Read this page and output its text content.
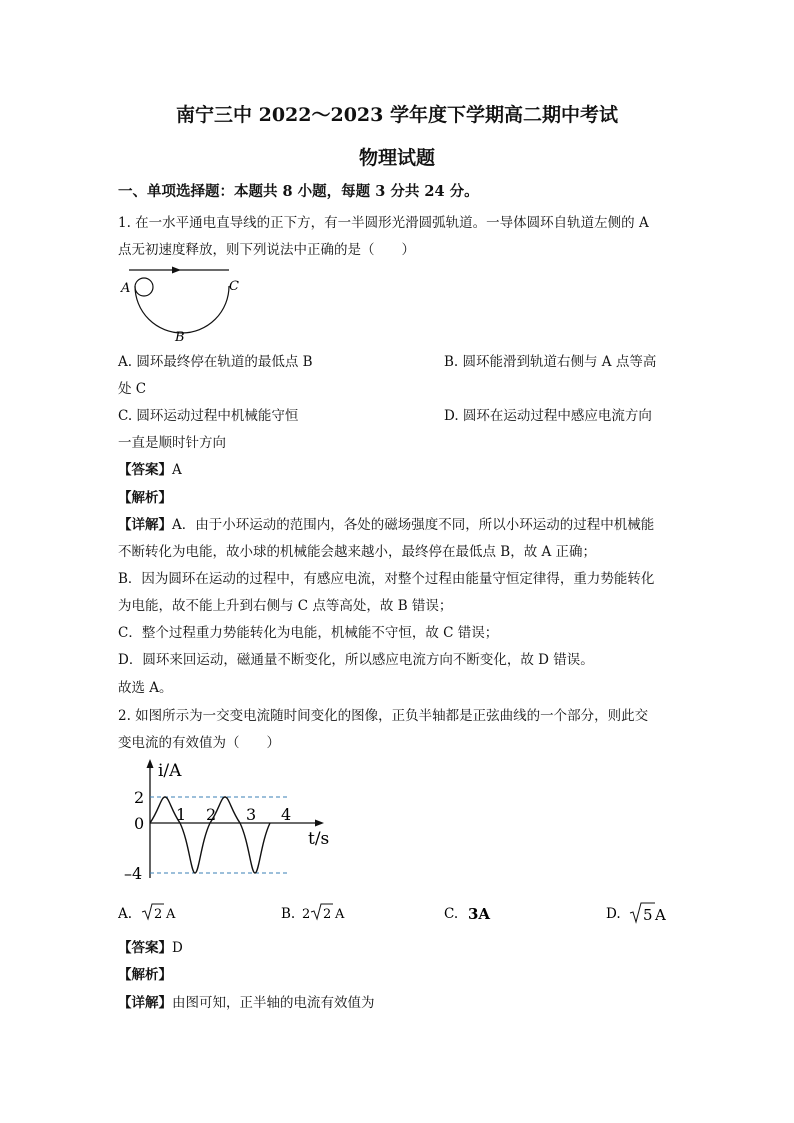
南宁三中 2022～2023 学年度下学期高二期中考试
物理试题
一、单项选择题：本题共 8 小题，每题 3 分共 24 分。
1. 在一水平通电直导线的正下方，有一半圆形光滑圆弧轨道。一导体圆环自轨道左侧的 A
点无初速度释放，则下列说法中正确的是（　　）
A	C
B
A. 圆环最终停在轨道的最低点 B	B. 圆环能滑到轨道右侧与 A 点等高
处 C
C. 圆环运动过程中机械能守恒	D. 圆环在运动过程中感应电流方向
一直是顺时针方向
【答案】A
【解析】
【详解】A．由于小环运动的范围内，各处的磁场强度不同，所以小环运动的过程中机械能
不断转化为电能，故小球的机械能会越来越小，最终停在最低点 B，故 A 正确；
B．因为圆环在运动的过程中，有感应电流，对整个过程由能量守恒定律得，重力势能转化
为电能，故不能上升到右侧与 C 点等高处，故 B 错误；
C．整个过程重力势能转化为电能，机械能不守恒，故 C 错误；
D．圆环来回运动，磁通量不断变化，所以感应电流方向不断变化，故 D 错误。
故选 A。
2. 如图所示为一交变电流随时间变化的图像，正负半轴都是正弦曲线的一个部分，则此交
变电流的有效值为（　　）
i/A
t/s
2
0
–4
1 2 3 4
A. 2 A	B. 2 2 A	C. 3A	D. 5 A
【答案】D
【解析】
【详解】由图可知，正半轴的电流有效值为
